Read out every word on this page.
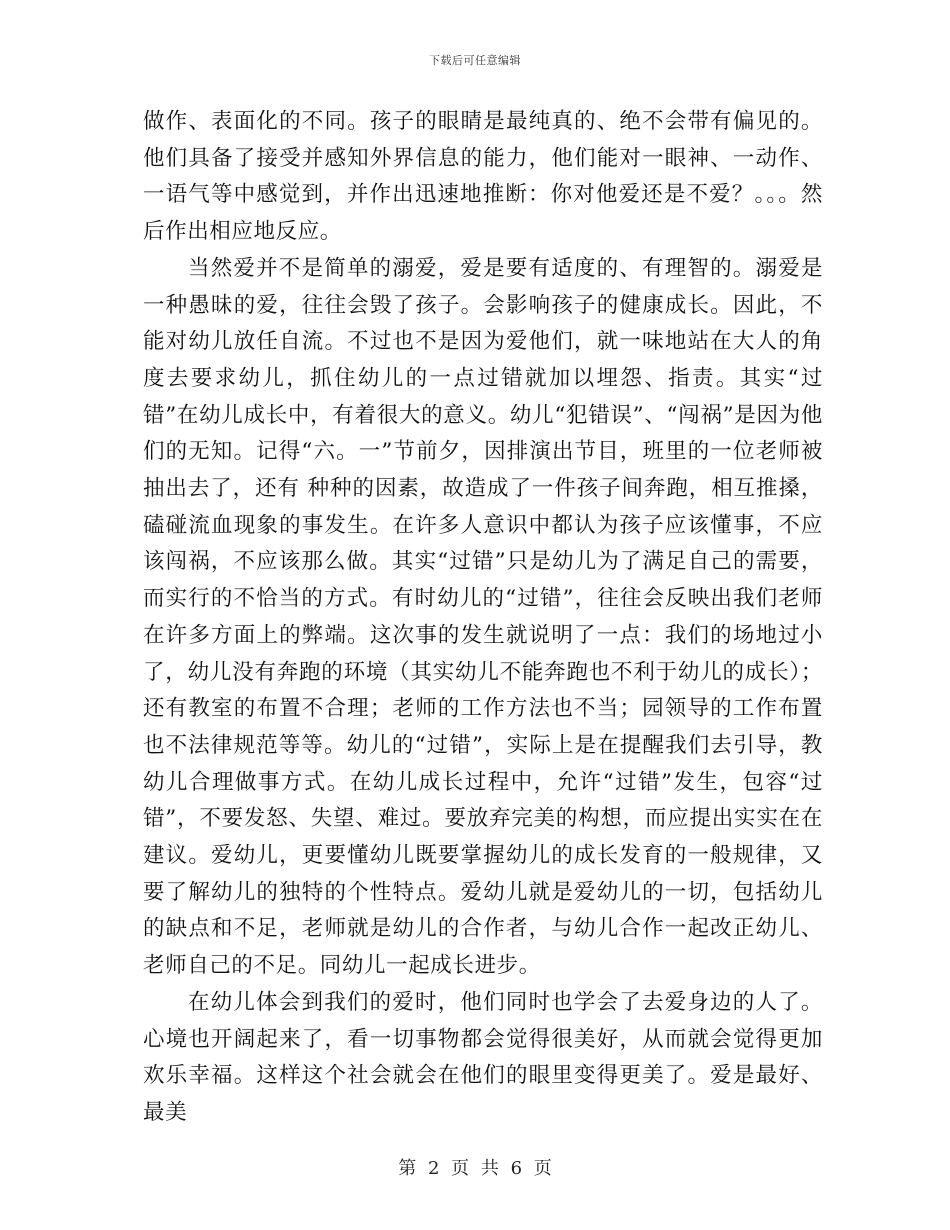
下载后可任意编辑

做作、表面化的不同。孩子的眼睛是最纯真的、绝不会带有偏见的。他们具备了接受并感知外界信息的能力，他们能对一眼神、一动作、一语气等中感觉到，并作出迅速地推断：你对他爱还是不爱？。。。然后作出相应地反应。

当然爱并不是简单的溺爱，爱是要有适度的、有理智的。溺爱是一种愚昧的爱，往往会毁了孩子。会影响孩子的健康成长。因此，不能对幼儿放任自流。不过也不是因为爱他们，就一味地站在大人的角度去要求幼儿，抓住幼儿的一点过错就加以埋怨、指责。其实“过错”在幼儿成长中，有着很大的意义。幼儿“犯错误”、“闯祸”是因为他们的无知。记得“六。一”节前夕，因排演出节目，班里的一位老师被抽出去了，还有 种种的因素，故造成了一件孩子间奔跑，相互推搡，磕碰流血现象的事发生。在许多人意识中都认为孩子应该懂事，不应该闯祸，不应该那么做。其实“过错”只是幼儿为了满足自己的需要，而实行的不恰当的方式。有时幼儿的“过错”，往往会反映出我们老师在许多方面上的弊端。这次事的发生就说明了一点：我们的场地过小了，幼儿没有奔跑的环境（其实幼儿不能奔跑也不利于幼儿的成长）；还有教室的布置不合理；老师的工作方法也不当；园领导的工作布置也不法律规范等等。幼儿的“过错”，实际上是在提醒我们去引导，教幼儿合理做事方式。在幼儿成长过程中，允许“过错”发生，包容“过错”，不要发怒、失望、难过。要放弃完美的构想，而应提出实实在在建议。爱幼儿，更要懂幼儿既要掌握幼儿的成长发育的一般规律，又要了解幼儿的独特的个性特点。爱幼儿就是爱幼儿的一切，包括幼儿的缺点和不足，老师就是幼儿的合作者，与幼儿合作一起改正幼儿、老师自己的不足。同幼儿一起成长进步。

在幼儿体会到我们的爱时，他们同时也学会了去爱身边的人了。心境也开阔起来了，看一切事物都会觉得很美好，从而就会觉得更加欢乐幸福。这样这个社会就会在他们的眼里变得更美了。爱是最好、最美

第 2 页 共 6 页
